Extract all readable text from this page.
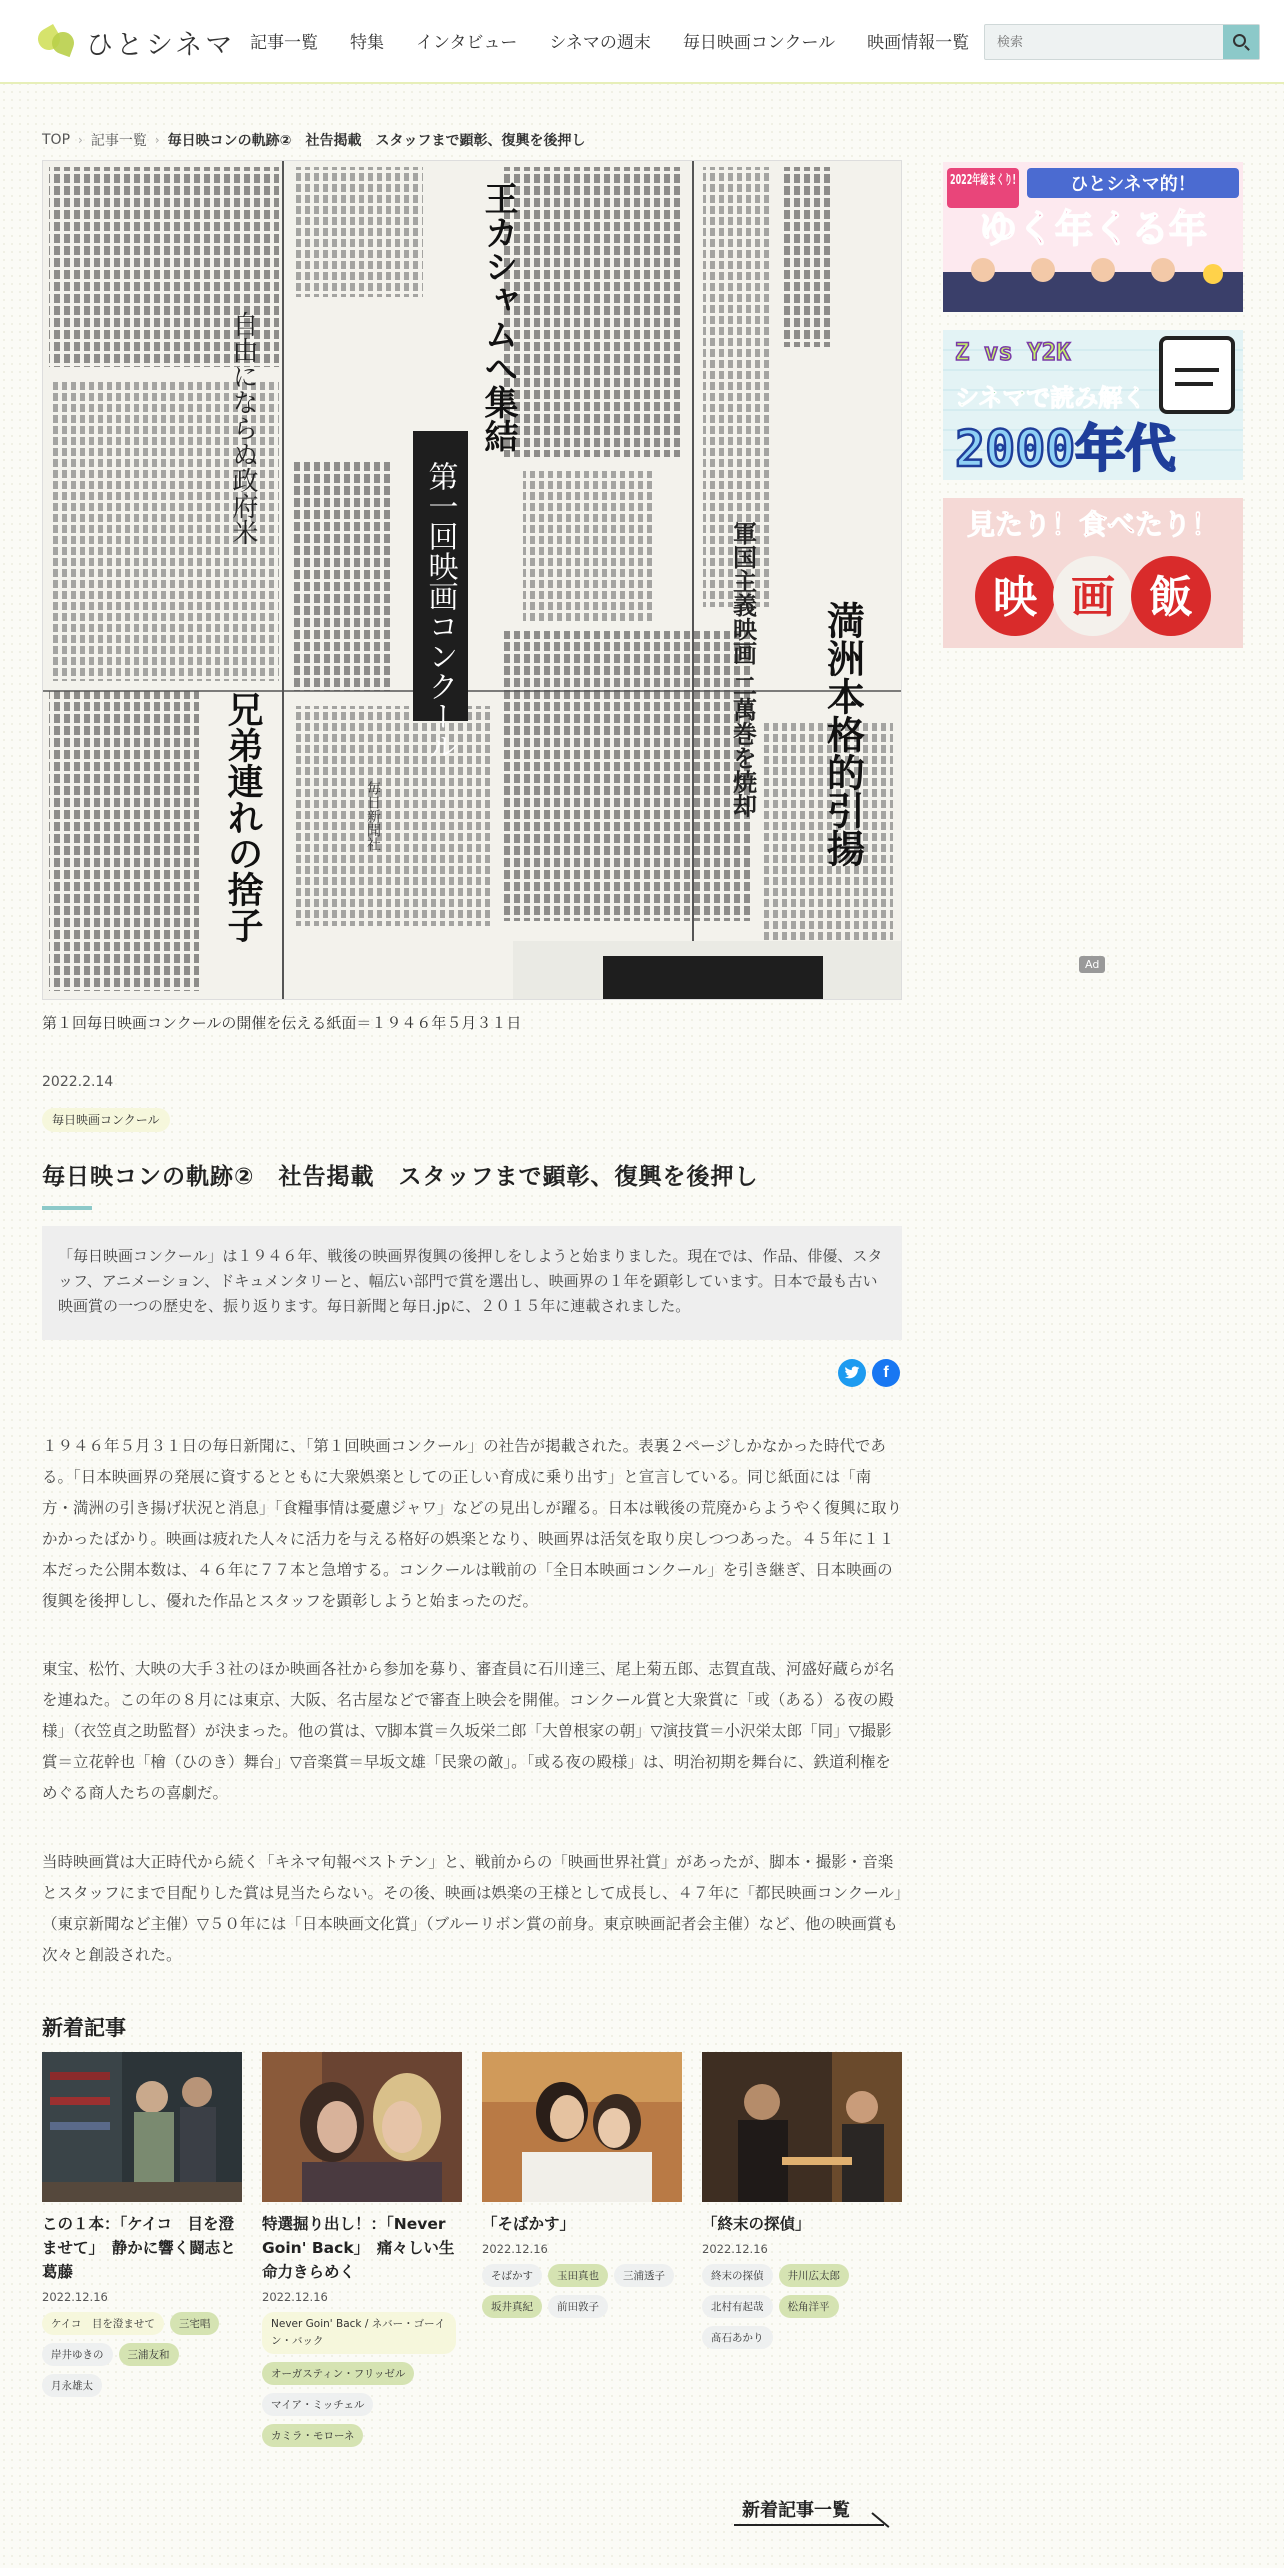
ひとシネマ 記事一覧 特集 インタビュー シネマの週末 毎日映画コンクール 映画情報一覧
検索
TOP › 記事一覧 › 毎日映コンの軌跡②　社告掲載　スタッフまで顕彰、復興を後押し
第一回映画コンクール
王カシャムへ集結
満洲本格的引揚
自由にならぬ政府米
兄弟連れの捨子	軍国主義映画 二萬巻を焼却
毎日新聞社
第１回毎日映画コンクールの開催を伝える紙面＝１９４６年５月３１日
2022.2.14
毎日映画コンクール
毎日映コンの軌跡②　社告掲載　スタッフまで顕彰、復興を後押し
「毎日映画コンクール」は１９４６年、戦後の映画界復興の後押しをしようと始まりました。現在では、作品、俳優、スタッフ、アニメーション、ドキュメンタリーと、幅広い部門で賞を選出し、映画界の１年を顕彰しています。日本で最も古い映画賞の一つの歴史を、振り返ります。毎日新聞と毎日.jpに、２０１５年に連載されました。
f

１９４６年５月３１日の毎日新聞に、「第１回映画コンクール」の社告が掲載された。表裏２ページしかなかった時代である。「日本映画界の発展に資するとともに大衆娯楽としての正しい育成に乗り出す」と宣言している。同じ紙面には「南方・満洲の引き揚げ状況と消息」「食糧事情は憂慮ジャワ」などの見出しが躍る。日本は戦後の荒廃からようやく復興に取りかかったばかり。映画は疲れた人々に活力を与える格好の娯楽となり、映画界は活気を取り戻しつつあった。４５年に１１本だった公開本数は、４６年に７７本と急増する。コンクールは戦前の「全日本映画コンクール」を引き継ぎ、日本映画の復興を後押しし、優れた作品とスタッフを顕彰しようと始まったのだ。

東宝、松竹、大映の大手３社のほか映画各社から参加を募り、審査員に石川達三、尾上菊五郎、志賀直哉、河盛好蔵らが名を連ねた。この年の８月には東京、大阪、名古屋などで審査上映会を開催。コンクール賞と大衆賞に「或（ある）る夜の殿様」（衣笠貞之助監督）が決まった。他の賞は、▽脚本賞＝久坂栄二郎「大曽根家の朝」▽演技賞＝小沢栄太郎「同」▽撮影賞＝立花幹也「檜（ひのき）舞台」▽音楽賞＝早坂文雄「民衆の敵」。「或る夜の殿様」は、明治初期を舞台に、鉄道利権をめぐる商人たちの喜劇だ。

当時映画賞は大正時代から続く「キネマ旬報ベストテン」と、戦前からの「映画世界社賞」があったが、脚本・撮影・音楽とスタッフにまで目配りした賞は見当たらない。その後、映画は娯楽の王様として成長し、４７年に「都民映画コンクール」（東京新聞など主催）▽５０年には「日本映画文化賞」（ブルーリボン賞の前身。東京映画記者会主催）など、他の映画賞も次々と創設された。

新着記事
この１本：「ケイコ　目を澄ませて」　静かに響く闘志と葛藤
2022.12.16
ケイコ　目を澄ませて	三宅唱
岸井ゆきの	三浦友和
月永雄太
特選掘り出し！：「Never Goin' Back」　痛々しい生命力きらめく
2022.12.16
Never Goin' Back / ネバー・ゴーイン・バック
オーガスティン・フリッゼル
マイア・ミッチェル
カミラ・モローネ
「そばかす」
2022.12.16
そばかす	玉田真也	三浦透子
坂井真紀	前田敦子
「終末の探偵」
2022.12.16
終末の探偵	井川広太郎
北村有起哉	松角洋平
髙石あかり
新着記事一覧
2022年総まくり! ひとシネマ的！
ゆく年くる年
Z vs Y2K
シネマで読み解く
2000年代
見たり！食べたり！
映 画 飯
Ad
